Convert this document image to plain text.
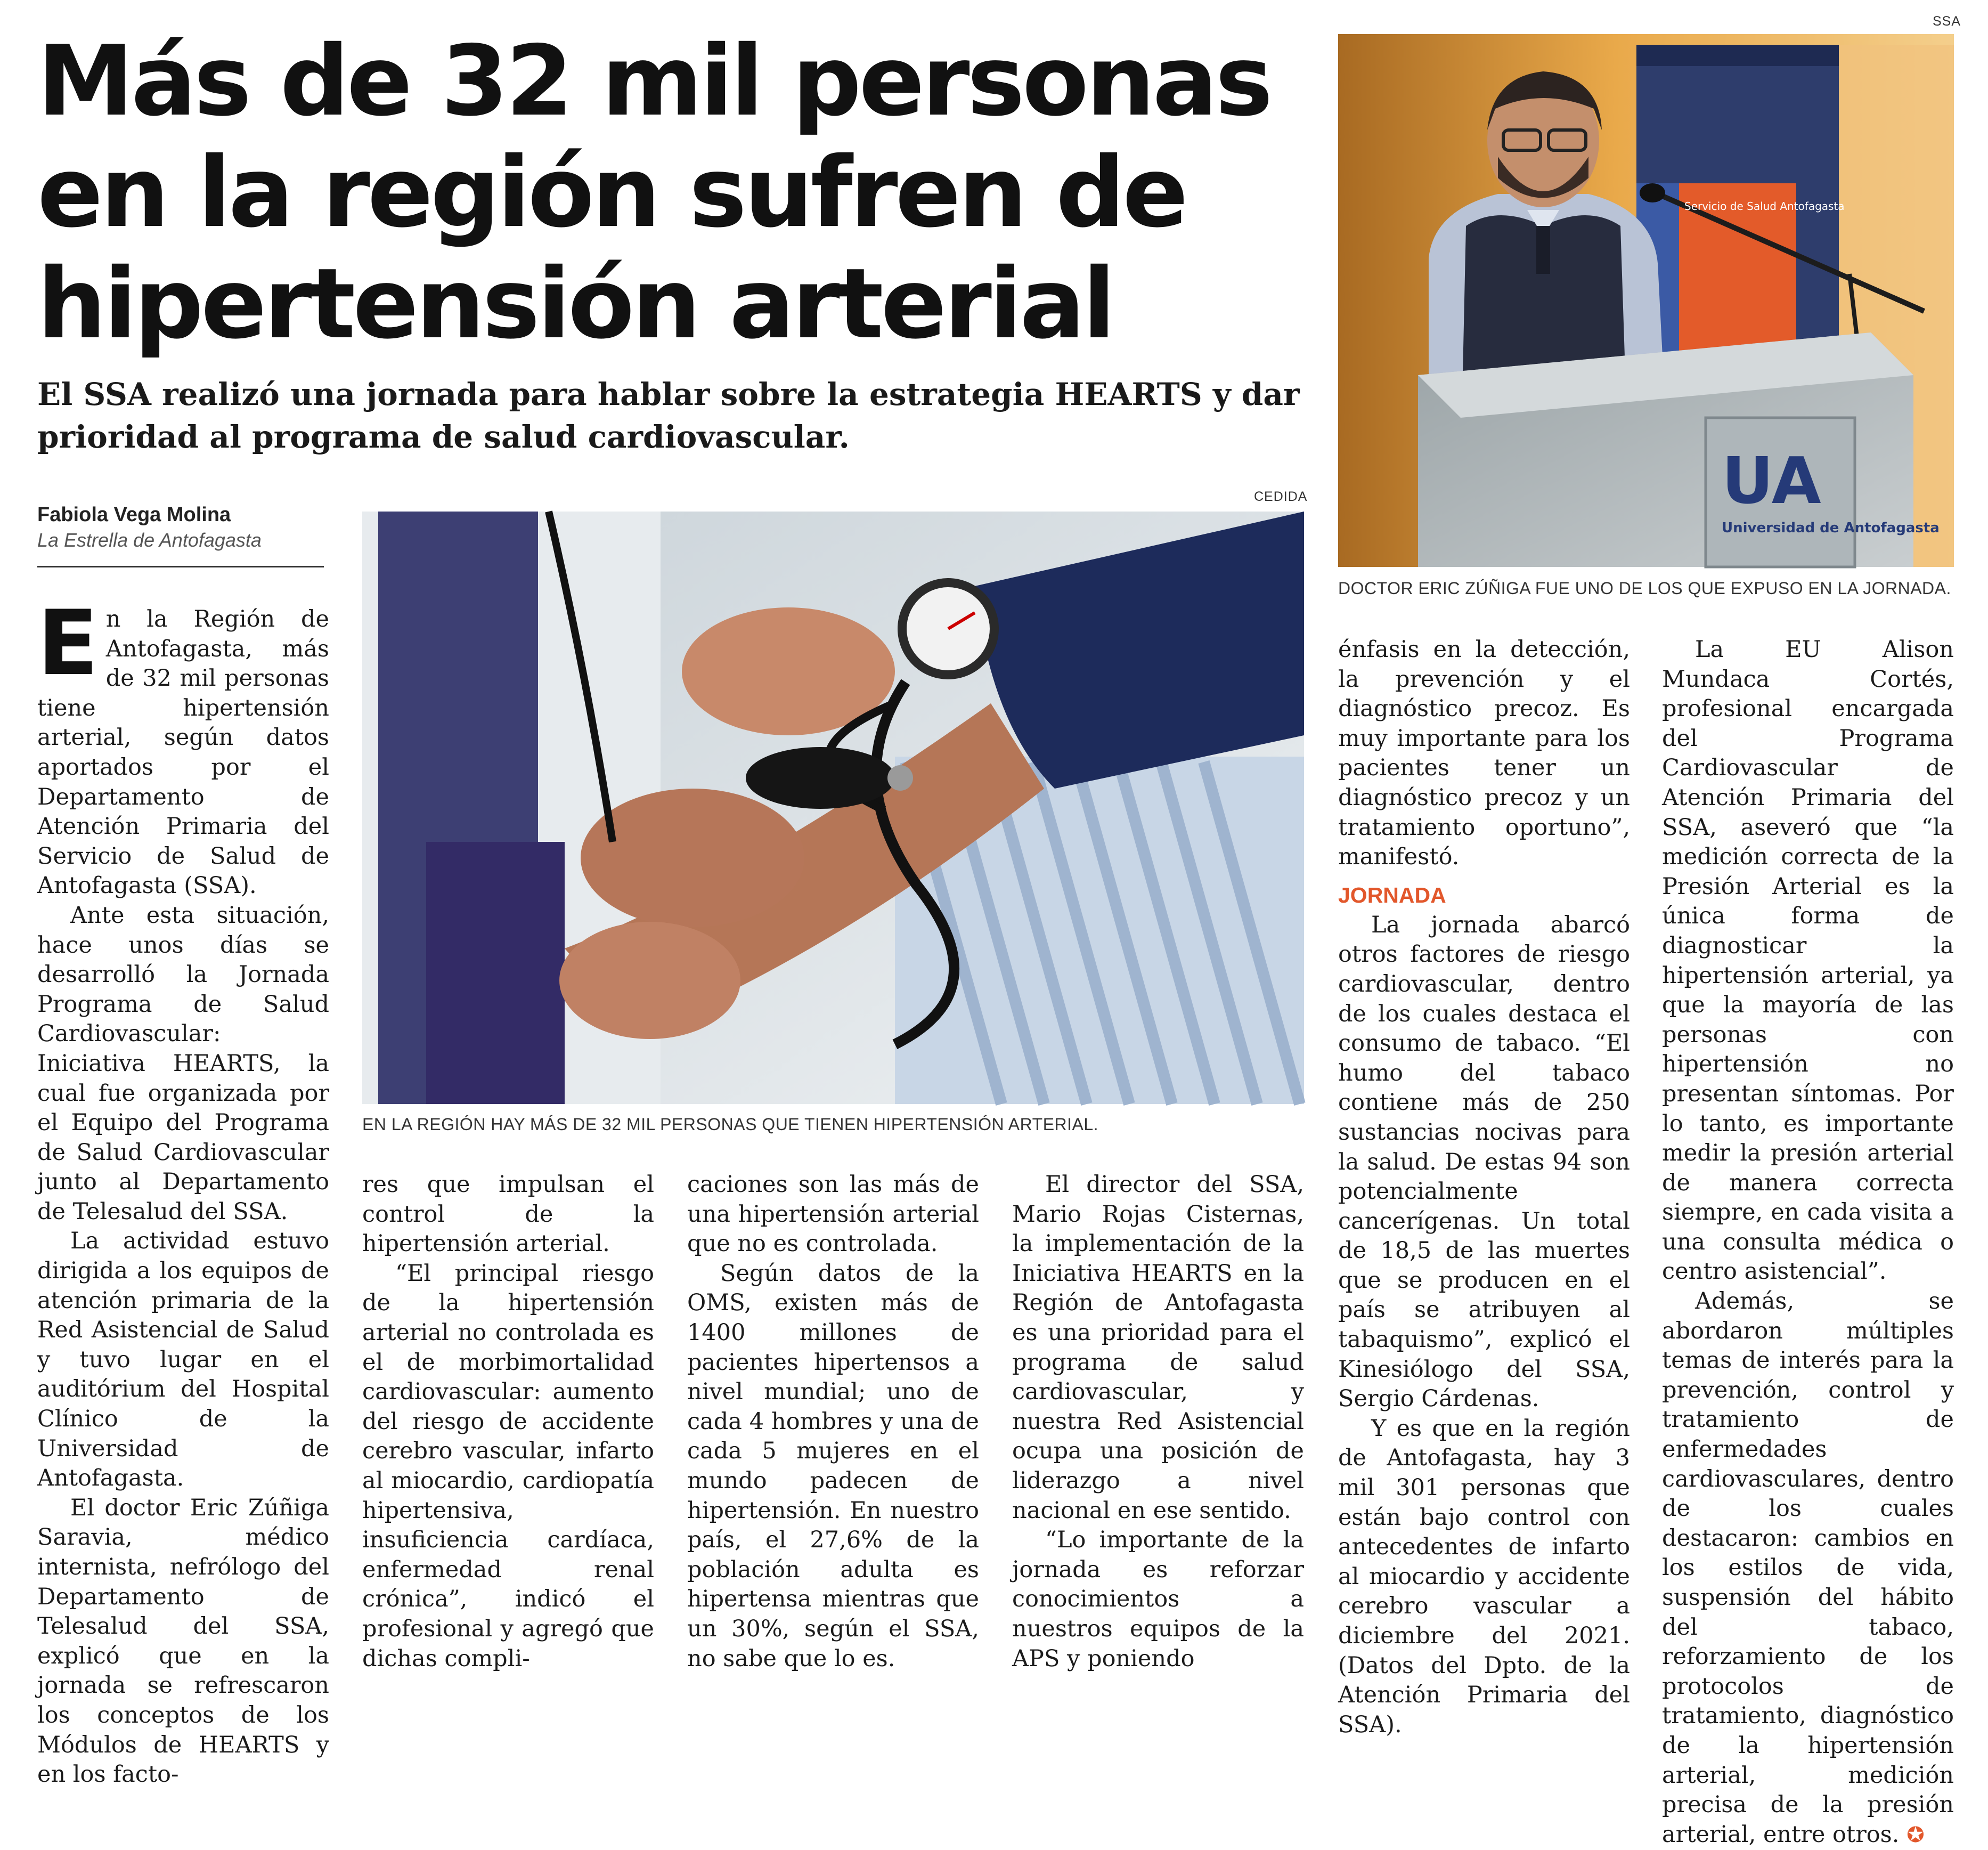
Más de 32 mil personas en la región sufren de hipertensión arterial

El SSA realizó una jornada para hablar sobre la estrategia HEARTS y dar prioridad al programa de salud cardiovascular.

Fabiola Vega Molina
La Estrella de Antofagasta
SSA
UA
Universidad de Antofagasta
Servicio de Salud Antofagasta
DOCTOR ERIC ZÚÑIGA FUE UNO DE LOS QUE EXPUSO EN LA JORNADA.
CEDIDA
EN LA REGIÓN HAY MÁS DE 32 MIL PERSONAS QUE TIENEN HIPERTENSIÓN ARTERIAL.
E n la Región de Antofagasta, más de 32 mil personas tiene hipertensión arterial, según datos aportados por el Departamento de Atención Primaria del Servicio de Salud de Antofagasta (SSA).

Ante esta situación, hace unos días se desarrolló la Jornada Programa de Salud Cardiovascular: Iniciativa HEARTS, la cual fue organizada por el Equipo del Programa de Salud Cardiovascular junto al Departamento de Telesalud del SSA.

La actividad estuvo dirigida a los equipos de atención primaria de la Red Asistencial de Salud y tuvo lugar en el auditórium del Hospital Clínico de la Universidad de Antofagasta.

El doctor Eric Zúñiga Saravia, médico internista, nefrólogo del Departamento de Telesalud del SSA, explicó que en la jornada se refrescaron los conceptos de los Módulos de HEARTS y en los facto-

res que impulsan el control de la hipertensión arterial.

“El principal riesgo de la hipertensión arterial no controlada es el de morbimortalidad cardiovascular: aumento del riesgo de accidente cerebro vascular, infarto al miocardio, cardiopatía hipertensiva, insuficiencia cardíaca, enfermedad renal crónica”, indicó el profesional y agregó que dichas compli-

caciones son las más de una hipertensión arterial que no es controlada.

Según datos de la OMS, existen más de 1400 millones de pacientes hipertensos a nivel mundial; uno de cada 4 hombres y una de cada 5 mujeres en el mundo padecen de hipertensión. En nuestro país, el 27,6% de la población adulta es hipertensa mientras que un 30%, según el SSA, no sabe que lo es.

El director del SSA, Mario Rojas Cisternas, la implementación de la Iniciativa HEARTS en la Región de Antofagasta es una prioridad para el programa de salud cardiovascular, y nuestra Red Asistencial ocupa una posición de liderazgo a nivel nacional en ese sentido.

“Lo importante de la jornada es reforzar conocimientos a nuestros equipos de la APS y poniendo

énfasis en la detección, la prevención y el diagnóstico precoz. Es muy importante para los pacientes tener un diagnóstico precoz y un tratamiento oportuno”, manifestó.

JORNADA

La jornada abarcó otros factores de riesgo cardiovascular, dentro de los cuales destaca el consumo de tabaco. “El humo del tabaco contiene más de 250 sustancias nocivas para la salud. De estas 94 son potencialmente cancerígenas. Un total de 18,5 de las muertes que se producen en el país se atribuyen al tabaquismo”, explicó el Kinesiólogo del SSA, Sergio Cárdenas.

Y es que en la región de Antofagasta, hay 3 mil 301 personas que están bajo control con antecedentes de infarto al miocardio y accidente cerebro vascular a diciembre del 2021. (Datos del Dpto. de la Atención Primaria del SSA).

La EU Alison Mundaca Cortés, profesional encargada del Programa Cardiovascular de Atención Primaria del SSA, aseveró que “la medición correcta de la Presión Arterial es la única forma de diagnosticar la hipertensión arterial, ya que la mayoría de las personas con hipertensión no presentan síntomas. Por lo tanto, es importante medir la presión arterial de manera correcta siempre, en cada visita a una consulta médica o centro asistencial”.

Además, se abordaron múltiples temas de interés para la prevención, control y tratamiento de enfermedades cardiovasculares, dentro de los cuales destacaron: cambios en los estilos de vida, suspensión del hábito del tabaco, reforzamiento de los protocolos de tratamiento, diagnóstico de la hipertensión arterial, medición precisa de la presión arterial, entre otros. ✪
